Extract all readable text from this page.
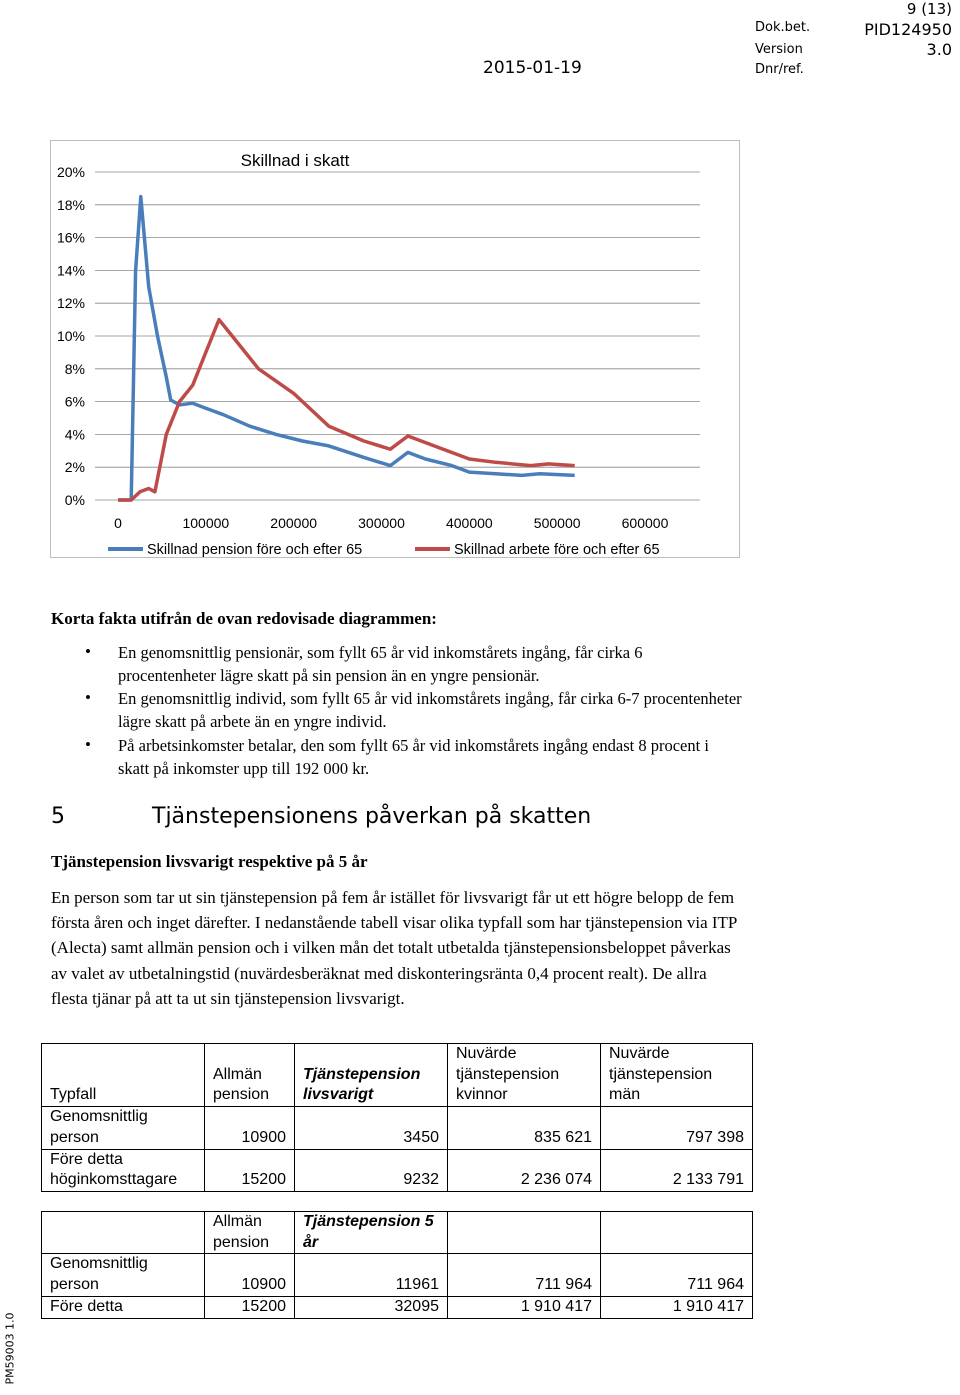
9 (13)
Dok.bet.	PID124950
Version	3.0
2015-01-19	Dnr/ref.
0%
2%
4%
6%
8%
10%
12%
14%
16%
18%
20%
0	100000	200000	300000	400000	500000	600000
Skillnad i skatt
Skillnad pension före och efter 65	Skillnad arbete före och efter 65
Korta fakta utifrån de ovan redovisade diagrammen:
• En genomsnittlig pensionär, som fyllt 65 år vid inkomstårets ingång, får cirka 6 procentenheter lägre skatt på sin pension än en yngre pensionär.
• En genomsnittlig individ, som fyllt 65 år vid inkomstårets ingång, får cirka 6-7 procentenheter lägre skatt på arbete än en yngre individ.
• På arbetsinkomster betalar, den som fyllt 65 år vid inkomstårets ingång endast 8 procent i skatt på inkomster upp till 192 000 kr.
5	Tjänstepensionens påverkan på skatten
Tjänstepension livsvarigt respektive på 5 år
En person som tar ut sin tjänstepension på fem år istället för livsvarigt får ut ett högre belopp de fem första åren och inget därefter. I nedanstående tabell visar olika typfall som har tjänstepension via ITP (Alecta) samt allmän pension och i vilken mån det totalt utbetalda tjänstepensionsbeloppet påverkas av valet av utbetalningstid (nuvärdesberäknat med diskonteringsränta 0,4 procent realt). De allra flesta tjänar på att ta ut sin tjänstepension livsvarigt.
Typfall	Allmän pension	Tjänstepension livsvarigt	Nuvärde tjänstepension kvinnor	Nuvärde tjänstepension män
Genomsnittlig person	10900	3450	835 621	797 398
Före detta höginkomsttagare	15200	9232	2 236 074	2 133 791
	Allmän pension	Tjänstepension 5 år		
Genomsnittlig person	10900	11961	711 964	711 964
Före detta	15200	32095	1 910 417	1 910 417
PM59003 1.0
